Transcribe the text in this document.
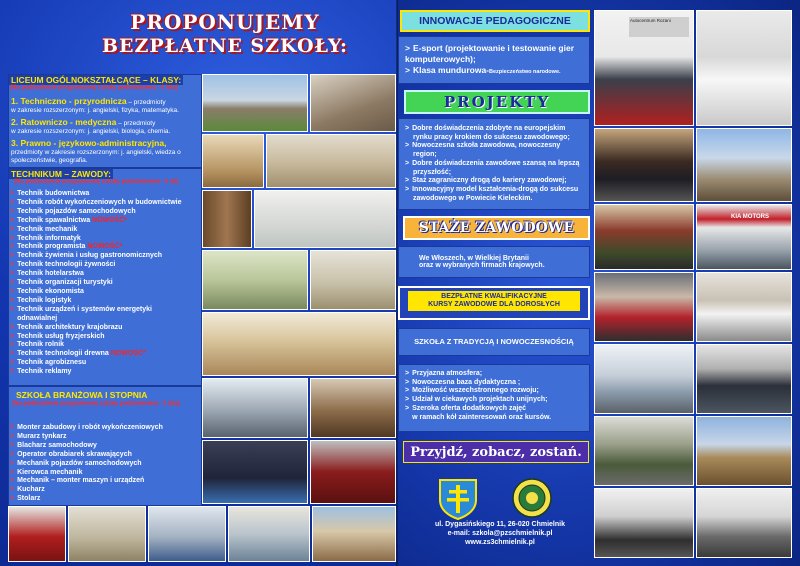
PROPONUJEMY
BEZPŁATNE SZKOŁY:
LICEUM OGÓLNOKSZTAŁCĄCE – KLASY:
(Na podbudowie programowej szkoły podstawowej - 4 lata)
1. Techniczno - przyrodnicza – przedmioty
w zakresie rozszerzonym: j. angielski, fizyka, matematyka.
2. Ratowniczo - medyczna – przedmioty
w zakresie rozszerzonym: j. angielski, biologia, chemia.
3. Prawno - językowo-administracyjna,
przedmioty w zakresie rozszerzonym: j. angielski, wiedza o społeczeństwie, geografia.
TECHNIKUM – ZAWODY:
(Na podbudowie programowej szkoły podstawowej - 5 lat)
> Technik budownictwa
> Technik robót wykończeniowych w budownictwie
> Technik pojazdów samochodowych
> Technik spawalnictwa NOWOŚĆ*
> Technik mechanik
> Technik informatyk
> Technik programista NOWOŚĆ*
> Technik żywienia i usług gastronomicznych
> Technik technologii żywności
> Technik hotelarstwa
> Technik organizacji turystyki
> Technik ekonomista
> Technik logistyk
> Technik urządzeń i systemów energetyki
odnawialnej
> Technik architektury krajobrazu
> Technik usług fryzjerskich
> Technik rolnik
> Technik technologii drewna NOWOŚĆ*
> Technik agrobiznesu
> Technik reklamy
SZKOŁA BRANŻOWA I STOPNIA
(Na podbudowie programowej szkoły podstawowej - 3 lata)
> Monter zabudowy i robót wykończeniowych
> Murarz tynkarz
> Blacharz samochodowy
> Operator obrabiarek skrawających
> Mechanik pojazdów samochodowych
> Kierowca mechanik
> Mechanik – monter maszyn i urządzeń
> Kucharz
> Stolarz
INNOWACJE PEDAGOGICZNE
> E-sport (projektowanie i testowanie gier komputerowych);
> Klasa mundurowa-Bezpieczeństwo narodowe.
PROJEKTY
> Dobre doświadczenia zdobyte na europejskim rynku pracy krokiem do sukcesu zawodowego;
> Nowoczesna szkoła zawodowa, nowoczesny region;
> Dobre doświadczenia zawodowe szansą na lepszą przyszłość;
> Staż zagraniczny drogą do kariery zawodowej;
> Innowacyjny model kształcenia-drogą do sukcesu zawodowego w Powiecie Kieleckim.
STAŻE ZAWODOWE
We Włoszech, w Wielkiej Brytanii
oraz w wybranych firmach krajowych.
BEZPŁATNE KWALIFIKACYJNE
KURSY ZAWODOWE DLA DOROSŁYCH
SZKOŁA Z TRADYCJĄ I NOWOCZESNOŚCIĄ
> Przyjazna atmosfera;
> Nowoczesna baza dydaktyczna ;
> Możliwość wszechstronnego rozwoju;
> Udział w ciekawych projektach unijnych;
> Szeroka oferta dodatkowych zajęć
w ramach kół zainteresowań oraz kursów.
Przyjdź, zobacz, zostań.
ul. Dygasińskiego 11, 26-020 Chmielnik
e-mail: szkola@pzschmielnik.pl
www.zs3chmielnik.pl
Autocentrum Rozani
KIA MOTORS
